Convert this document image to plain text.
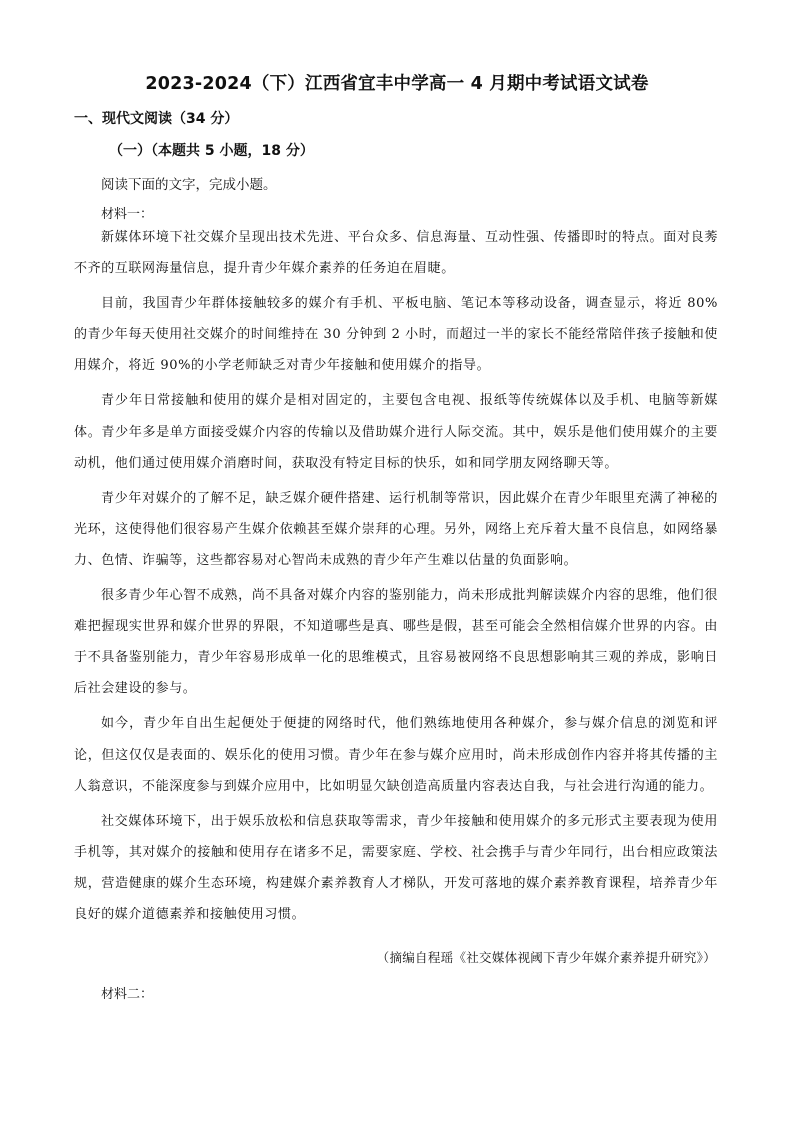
2023-2024（下）江西省宜丰中学高一 4 月期中考试语文试卷
一、现代文阅读（34 分）
（一）（本题共 5 小题，18 分）
阅读下面的文字，完成小题。
材料一：

新媒体环境下社交媒介呈现出技术先进、平台众多、信息海量、互动性强、传播即时的特点。面对良莠不齐的互联网海量信息，提升青少年媒介素养的任务迫在眉睫。

目前，我国青少年群体接触较多的媒介有手机、平板电脑、笔记本等移动设备，调查显示，将近 80%的青少年每天使用社交媒介的时间维持在 30 分钟到 2 小时，而超过一半的家长不能经常陪伴孩子接触和使用媒介，将近 90%的小学老师缺乏对青少年接触和使用媒介的指导。

青少年日常接触和使用的媒介是相对固定的，主要包含电视、报纸等传统媒体以及手机、电脑等新媒体。青少年多是单方面接受媒介内容的传输以及借助媒介进行人际交流。其中，娱乐是他们使用媒介的主要动机，他们通过使用媒介消磨时间，获取没有特定目标的快乐，如和同学朋友网络聊天等。

青少年对媒介的了解不足，缺乏媒介硬件搭建、运行机制等常识，因此媒介在青少年眼里充满了神秘的光环，这使得他们很容易产生媒介依赖甚至媒介崇拜的心理。另外，网络上充斥着大量不良信息，如网络暴力、色情、诈骗等，这些都容易对心智尚未成熟的青少年产生难以估量的负面影响。

很多青少年心智不成熟，尚不具备对媒介内容的鉴别能力，尚未形成批判解读媒介内容的思维，他们很难把握现实世界和媒介世界的界限，不知道哪些是真、哪些是假，甚至可能会全然相信媒介世界的内容。由于不具备鉴别能力，青少年容易形成单一化的思维模式，且容易被网络不良思想影响其三观的养成，影响日后社会建设的参与。

如今，青少年自出生起便处于便捷的网络时代，他们熟练地使用各种媒介，参与媒介信息的浏览和评论，但这仅仅是表面的、娱乐化的使用习惯。青少年在参与媒介应用时，尚未形成创作内容并将其传播的主人翁意识，不能深度参与到媒介应用中，比如明显欠缺创造高质量内容表达自我，与社会进行沟通的能力。

社交媒体环境下，出于娱乐放松和信息获取等需求，青少年接触和使用媒介的多元形式主要表现为使用手机等，其对媒介的接触和使用存在诸多不足，需要家庭、学校、社会携手与青少年同行，出台相应政策法规，营造健康的媒介生态环境，构建媒介素养教育人才梯队，开发可落地的媒介素养教育课程，培养青少年良好的媒介道德素养和接触使用习惯。

（摘编自程瑶《社交媒体视阈下青少年媒介素养提升研究》）
材料二：
